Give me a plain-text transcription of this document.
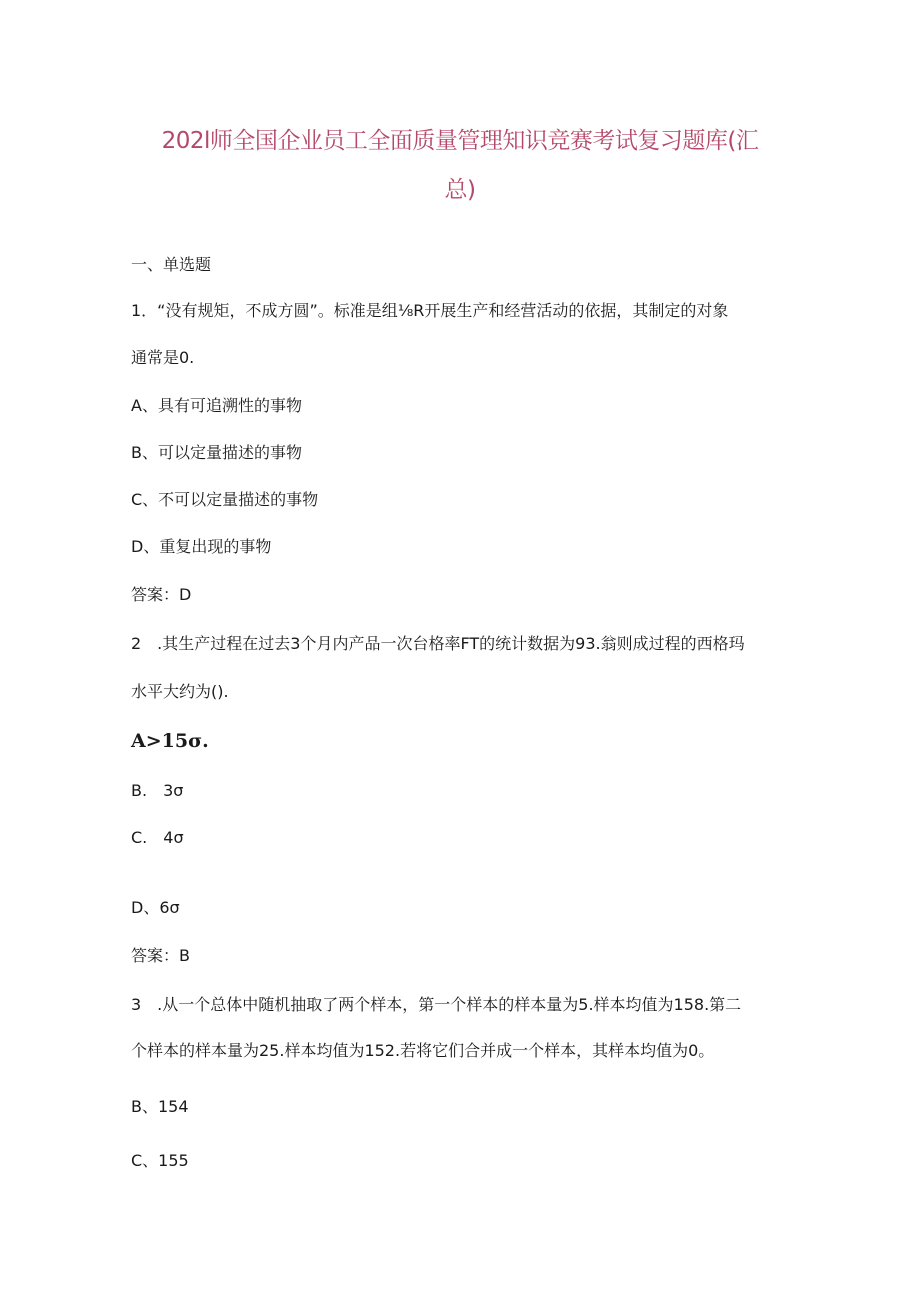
202l师全国企业员工全面质量管理知识竞赛考试复习题库(汇
总)
一、单选题
1．“没有规矩，不成方圆”。标准是组⅛R开展生产和经营活动的依据，其制定的对象
通常是0.
A、具有可追溯性的事物
B、可以定量描述的事物
C、不可以定量描述的事物
D、重复出现的事物
答案：D
2　.其生产过程在过去3个月内产品一次台格率FT的统计数据为93.翁则成过程的西格玛
水平大约为().
A>15σ.
B.　3σ
C.　4σ
D、6σ
答案：B
3　.从一个总体中随机抽取了两个样本，第一个样本的样本量为5.样本均值为158.第二
个样本的样本量为25.样本均值为152.若将它们合并成一个样本，其样本均值为0。
B、154
C、155
